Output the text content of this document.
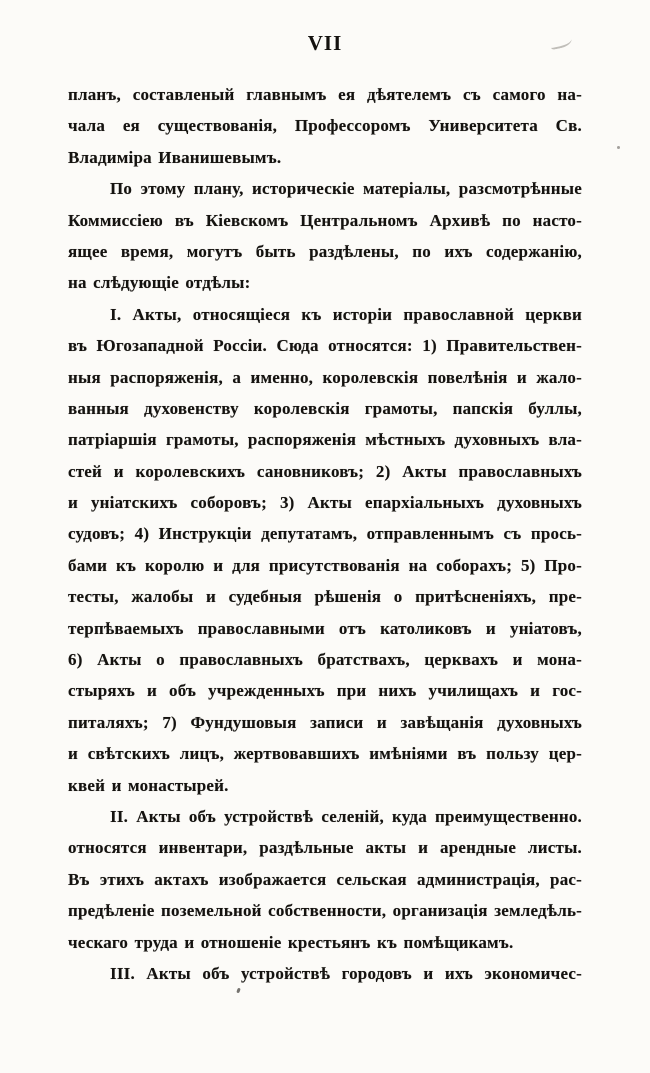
VII
планъ, составленый главнымъ ея дѣятелемъ съ самого на-
чала ея существованія, Профессоромъ Университета Св.
Владиміра Иванишевымъ.
По этому плану, историческіе матеріалы, разсмотрѣнные
Коммиссіею въ Кіевскомъ Центральномъ Архивѣ по насто-
ящее время, могутъ быть раздѣлены, по ихъ содержанію,
на слѣдующіе отдѣлы:
I. Акты, относящіеся къ исторіи православной церкви
въ Югозападной Россіи. Сюда относятся: 1) Правительствен-
ныя распоряженія, а именно, королевскія повелѣнія и жало-
ванныя духовенству королевскія грамоты, папскія буллы,
патріаршія грамоты, распоряженія мѣстныхъ духовныхъ вла-
стей и королевскихъ сановниковъ; 2) Акты православныхъ
и уніатскихъ соборовъ; 3) Акты епархіальныхъ духовныхъ
судовъ; 4) Инструкціи депутатамъ, отправленнымъ съ прось-
бами къ королю и для присутствованія на соборахъ; 5) Про-
тесты, жалобы и судебныя рѣшенія о притѣсненіяхъ, пре-
терпѣваемыхъ православными отъ католиковъ и уніатовъ,
6) Акты о православныхъ братствахъ, церквахъ и мона-
стыряхъ и объ учрежденныхъ при нихъ училищахъ и гос-
питаляхъ; 7) Фундушовыя записи и завѣщанія духовныхъ
и свѣтскихъ лицъ, жертвовавшихъ имѣніями въ пользу цер-
квей и монастырей.
II. Акты объ устройствѣ селеній, куда преимущественно.
относятся инвентари, раздѣльные акты и арендные листы.
Въ этихъ актахъ изображается сельская администрація, рас-
предѣленіе поземельной собственности, организація земледѣль-
ческаго труда и отношеніе крестьянъ къ помѣщикамъ.
III. Акты объ устройствѣ городовъ и ихъ экономичес-
